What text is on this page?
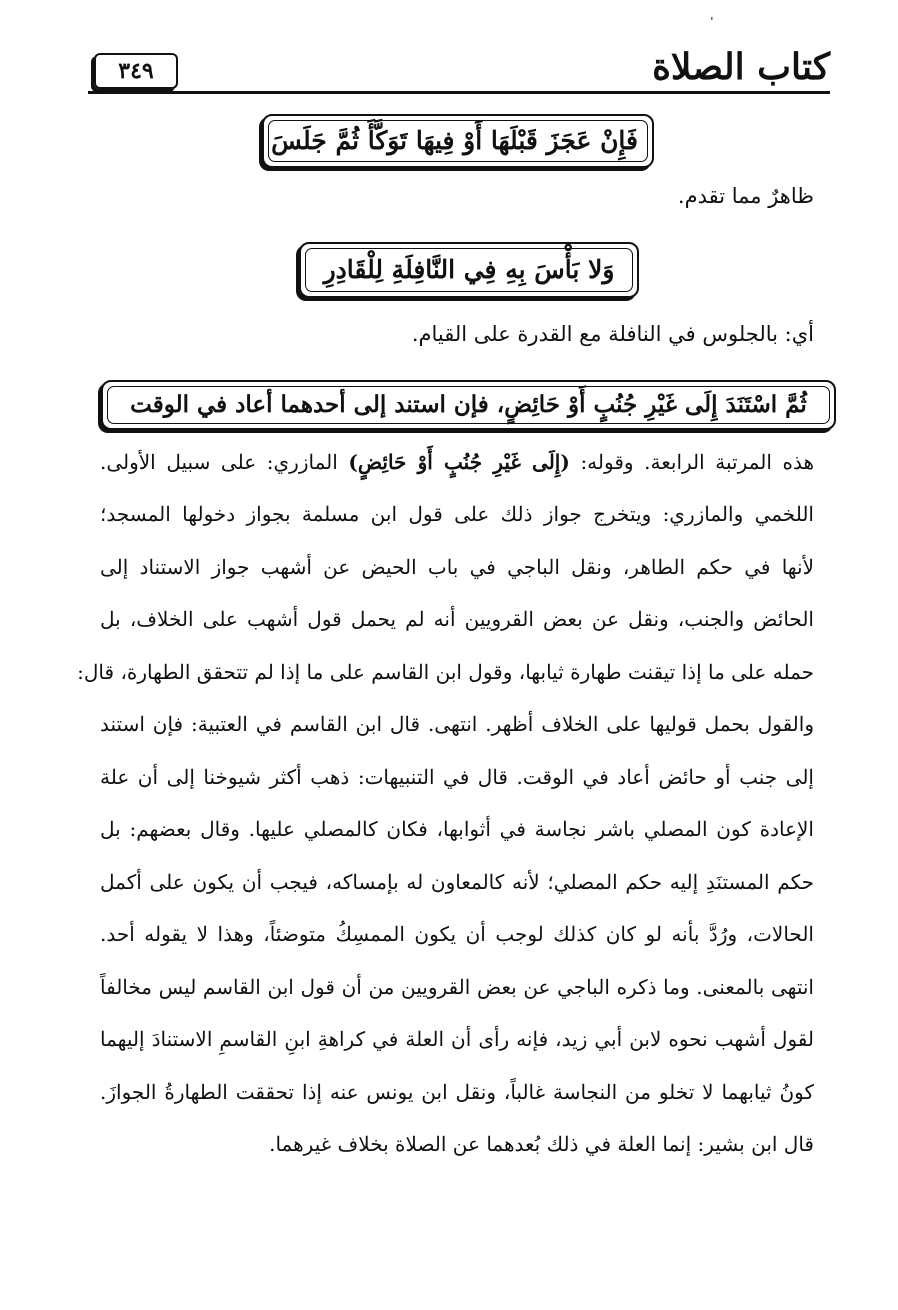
كتاب الصلاة
٣٤٩
فَإِنْ عَجَزَ قَبْلَهَا أَوْ فِيهَا تَوَكَّأَ ثُمَّ جَلَسَ
ظاهرٌ مما تقدم.
وَلا بَأْسَ بِهِ فِي النَّافِلَةِ لِلْقَادِرِ
أي: بالجلوس في النافلة مع القدرة على القيام.
ثُمَّ اسْتَنَدَ إِلَى غَيْرِ جُنُبٍ أَوْ حَائِضٍ، فإن استند إلى أحدهما أعاد في الوقت
هذه المرتبة الرابعة. وقوله: (إِلَى غَيْرِ جُنُبٍ أَوْ حَائِضٍ) المازري: على سبيل الأولى.
اللخمي والمازري: ويتخرج جواز ذلك على قول ابن مسلمة بجواز دخولها المسجد؛
لأنها في حكم الطاهر، ونقل الباجي في باب الحيض عن أشهب جواز الاستناد إلى
الحائض والجنب، ونقل عن بعض القرويين أنه لم يحمل قول أشهب على الخلاف، بل
حمله على ما إذا تيقنت طهارة ثيابها، وقول ابن القاسم على ما إذا لم تتحقق الطهارة، قال:
والقول بحمل قوليها على الخلاف أظهر. انتهى. قال ابن القاسم في العتبية: فإن استند
إلى جنب أو حائض أعاد في الوقت. قال في التنبيهات: ذهب أكثر شيوخنا إلى أن علة
الإعادة كون المصلي باشر نجاسة في أثوابها، فكان كالمصلي عليها. وقال بعضهم: بل
حكم المستنَدِ إليه حكم المصلي؛ لأنه كالمعاون له بإمساكه، فيجب أن يكون على أكمل
الحالات، ورُدَّ بأنه لو كان كذلك لوجب أن يكون الممسِكُ متوضئاً، وهذا لا يقوله أحد.
انتهى بالمعنى. وما ذكره الباجي عن بعض القرويين من أن قول ابن القاسم ليس مخالفاً
لقول أشهب نحوه لابن أبي زيد، فإنه رأى أن العلة في كراهةِ ابنِ القاسمِ الاستنادَ إليهما
كونُ ثيابهما لا تخلو من النجاسة غالباً، ونقل ابن يونس عنه إذا تحققت الطهارةُ الجوازَ.
قال ابن بشير: إنما العلة في ذلك بُعدهما عن الصلاة بخلاف غيرهما.
